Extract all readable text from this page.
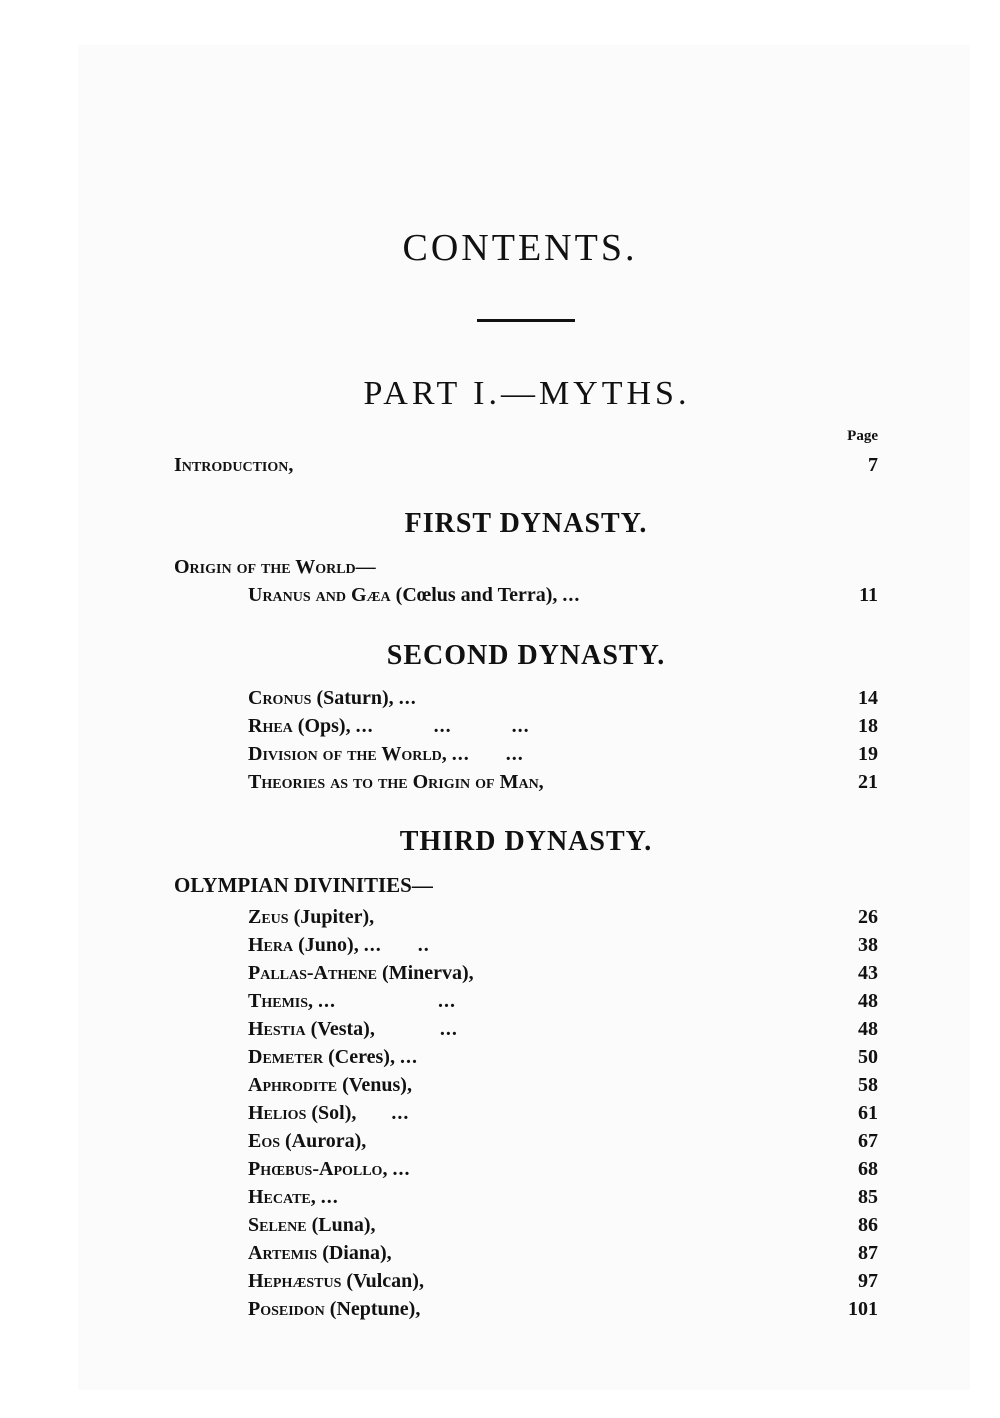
CONTENTS.
PART I.—MYTHS.
Page
Introduction,	7
FIRST DYNASTY.
Origin of the World—
Uranus and Gæa (Cœlus and Terra), ...	11
SECOND DYNASTY.
Cronus (Saturn), ...	14
Rhea (Ops), ...          ...          ...	18
Division of the World, ...      ...	19
Theories as to the Origin of Man,	21
THIRD DYNASTY.
OLYMPIAN DIVINITIES—
Zeus (Jupiter),	26
Hera (Juno), ...      ..	38
Pallas-Athene (Minerva),	43
Themis, ...                 ...	48
Hestia (Vesta),	...	48
Demeter (Ceres), ...	50
Aphrodite (Venus),	58
Helios (Sol), ...	61
Eos (Aurora),	67
Phœbus-Apollo, ...	68
Hecate, ...	85
Selene (Luna),	86
Artemis (Diana),	87
Hephæstus (Vulcan),	97
Poseidon (Neptune),	101
